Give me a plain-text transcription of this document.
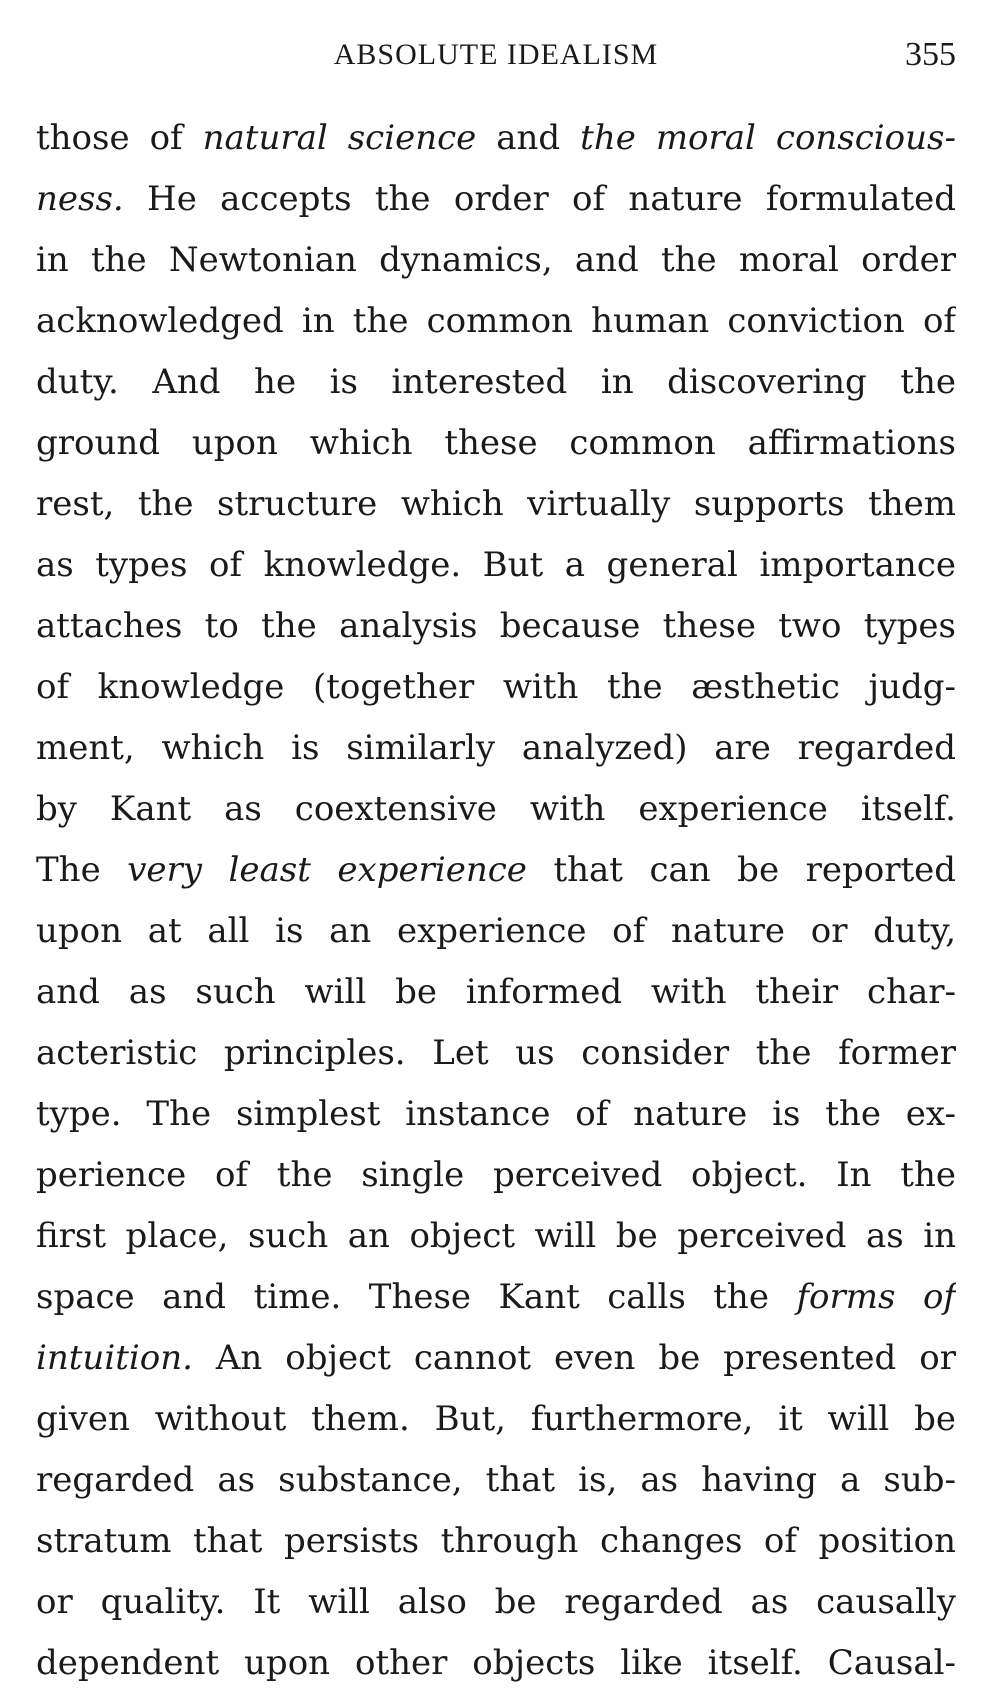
ABSOLUTE IDEALISM	355
those of natural science and the moral conscious-
ness. He accepts the order of nature formulated
in the Newtonian dynamics, and the moral order
acknowledged in the common human conviction of
duty. And he is interested in discovering the
ground upon which these common affirmations
rest, the structure which virtually supports them
as types of knowledge. But a general importance
attaches to the analysis because these two types
of knowledge (together with the æsthetic judg-
ment, which is similarly analyzed) are regarded
by Kant as coextensive with experience itself.
The very least experience that can be reported
upon at all is an experience of nature or duty,
and as such will be informed with their char-
acteristic principles. Let us consider the former
type. The simplest instance of nature is the ex-
perience of the single perceived object. In the
first place, such an object will be perceived as in
space and time. These Kant calls the forms of
intuition. An object cannot even be presented or
given without them. But, furthermore, it will be
regarded as substance, that is, as having a sub-
stratum that persists through changes of position
or quality. It will also be regarded as causally
dependent upon other objects like itself. Causal-
